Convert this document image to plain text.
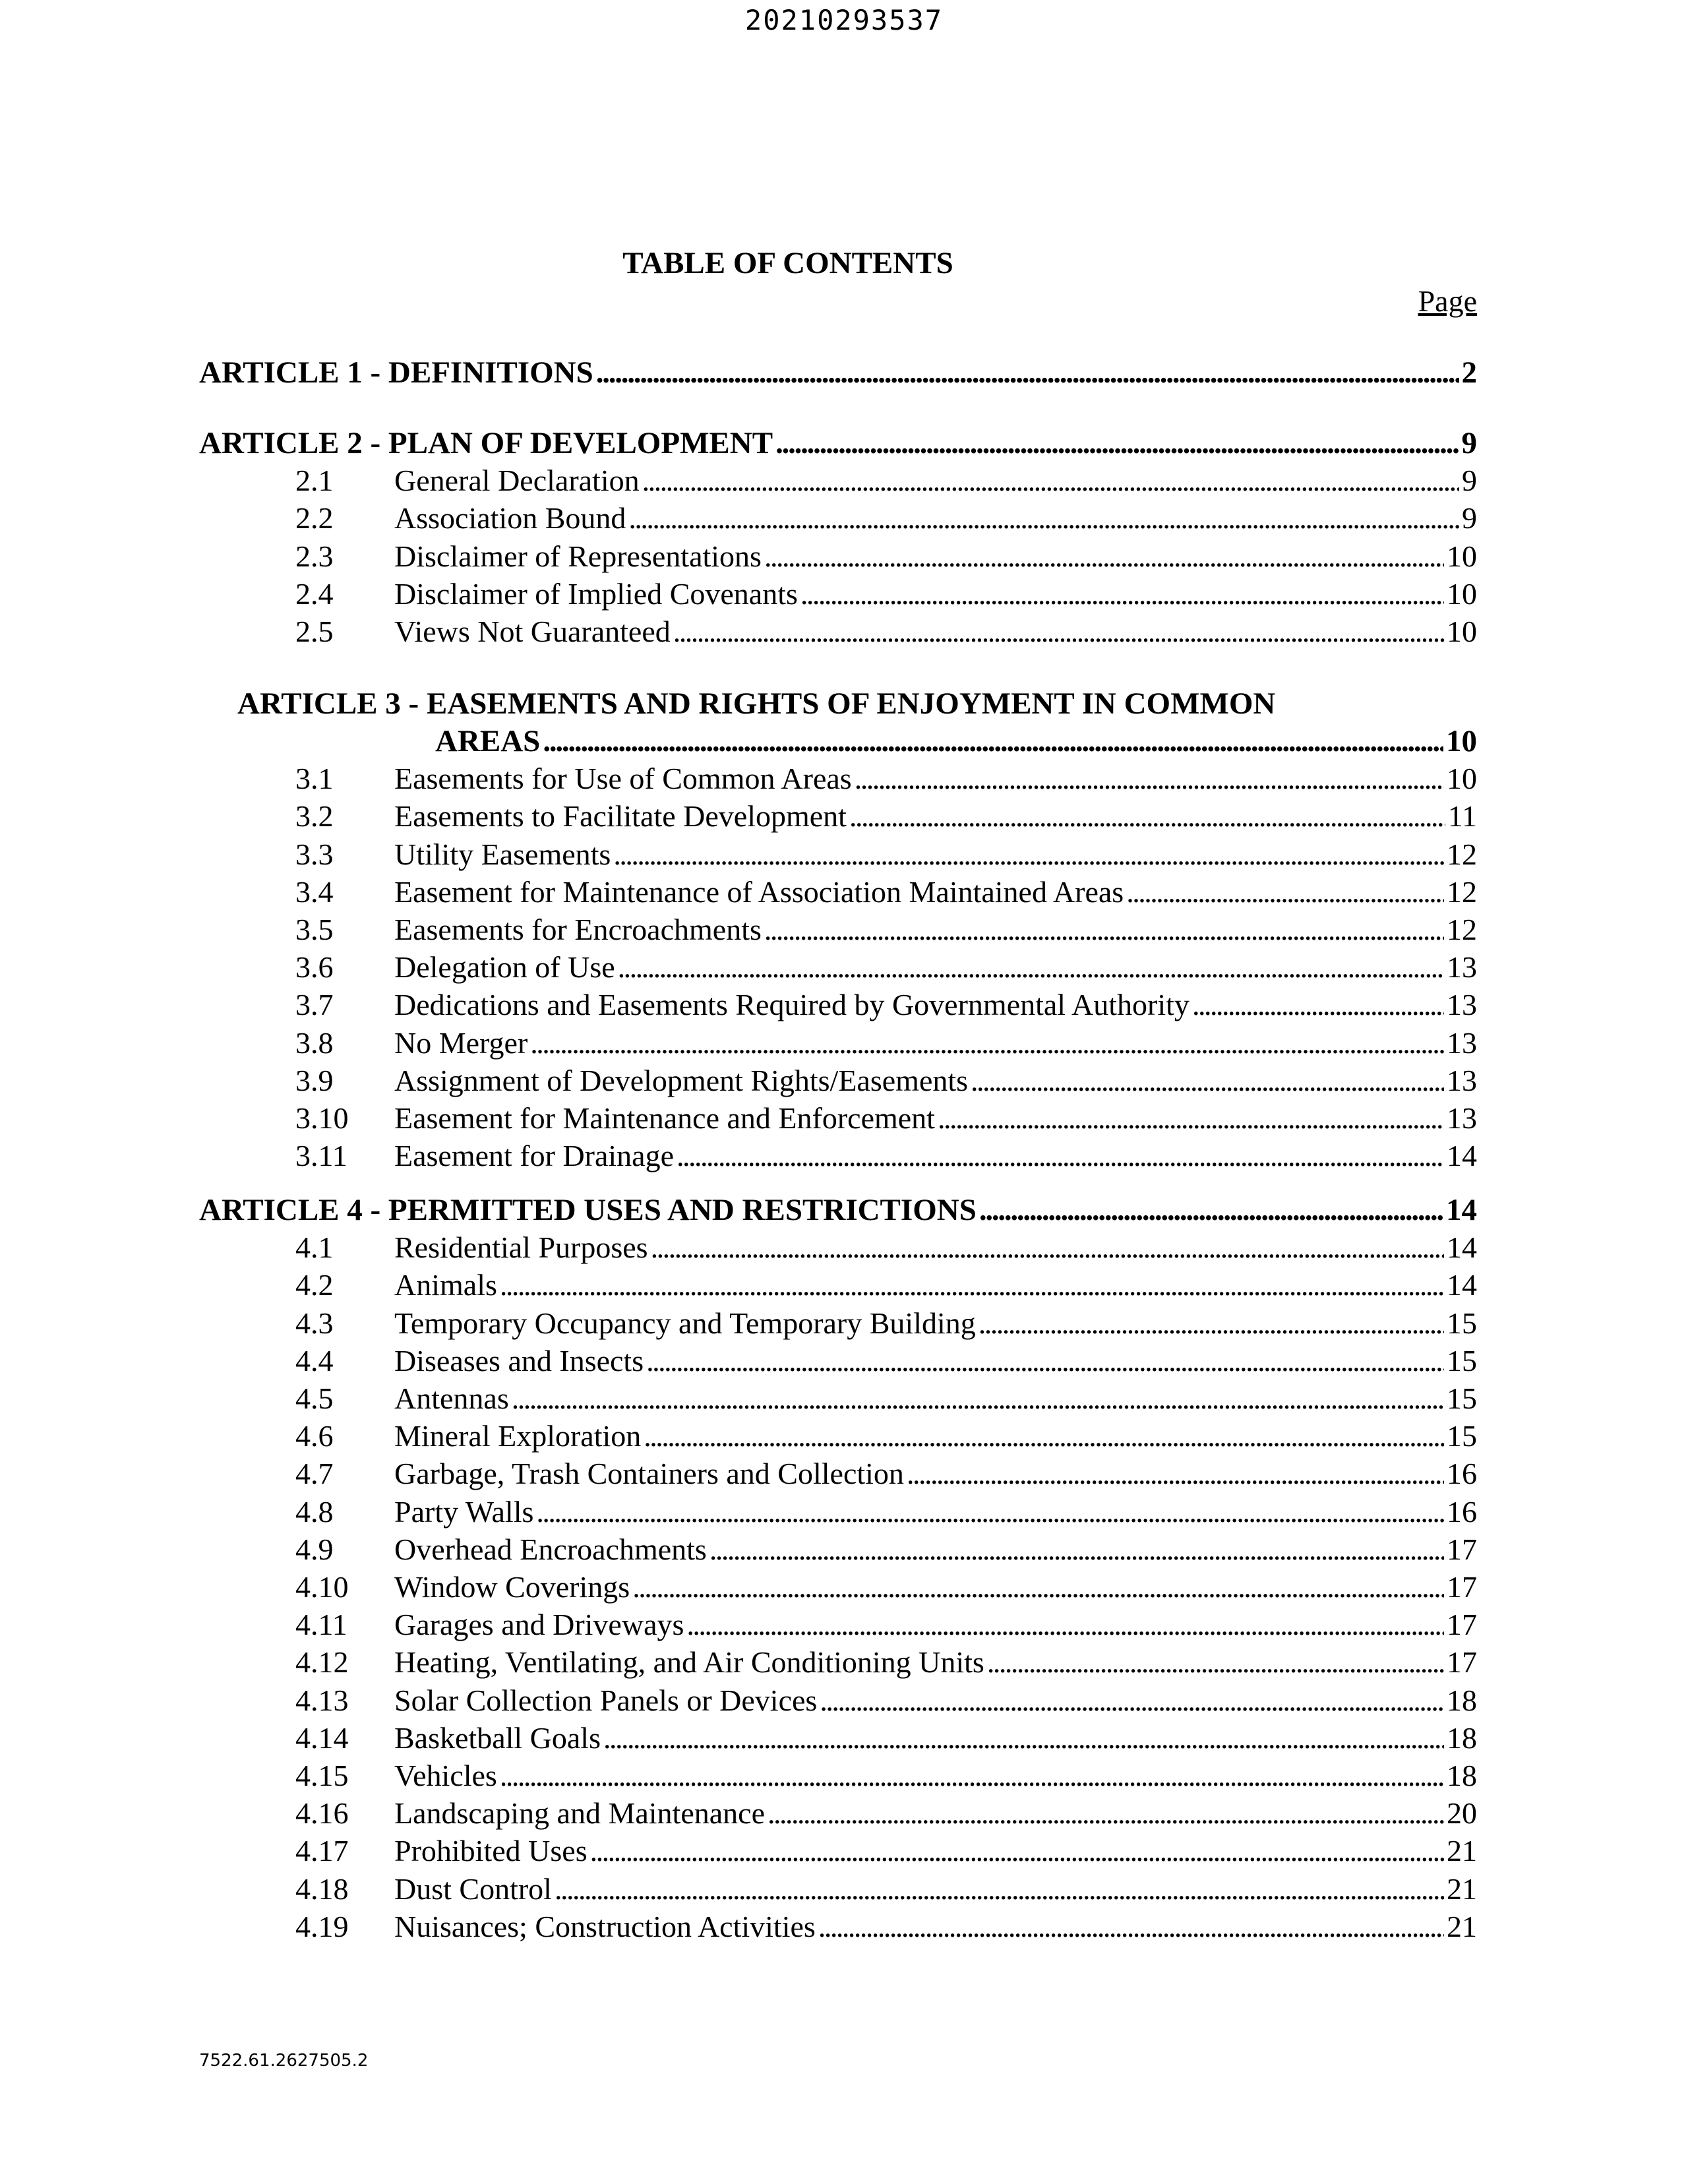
20210293537
TABLE OF CONTENTS
Page
ARTICLE 1 - DEFINITIONS . . .	2
ARTICLE 2 - PLAN OF DEVELOPMENT . . .	9
2.1	General Declaration . . .	9
2.2	Association Bound . . .	9
2.3	Disclaimer of Representations . . .	10
2.4	Disclaimer of Implied Covenants . . .	10
2.5	Views Not Guaranteed . . .	10
ARTICLE 3 - EASEMENTS AND RIGHTS OF ENJOYMENT IN COMMON
AREAS . . .	10
3.1	Easements for Use of Common Areas . . .	10
3.2	Easements to Facilitate Development . . .	11
3.3	Utility Easements . . .	12
3.4	Easement for Maintenance of Association Maintained Areas . . .	12
3.5	Easements for Encroachments . . .	12
3.6	Delegation of Use . . .	13
3.7	Dedications and Easements Required by Governmental Authority . . .	13
3.8	No Merger . . .	13
3.9	Assignment of Development Rights/Easements . . .	13
3.10	Easement for Maintenance and Enforcement . . .	13
3.11	Easement for Drainage . . .	14
ARTICLE 4 - PERMITTED USES AND RESTRICTIONS . . .	14
4.1	Residential Purposes . . .	14
4.2	Animals . . .	14
4.3	Temporary Occupancy and Temporary Building . . .	15
4.4	Diseases and Insects . . .	15
4.5	Antennas . . .	15
4.6	Mineral Exploration . . .	15
4.7	Garbage, Trash Containers and Collection . . .	16
4.8	Party Walls . . .	16
4.9	Overhead Encroachments . . .	17
4.10	Window Coverings . . .	17
4.11	Garages and Driveways . . .	17
4.12	Heating, Ventilating, and Air Conditioning Units . . .	17
4.13	Solar Collection Panels or Devices . . .	18
4.14	Basketball Goals . . .	18
4.15	Vehicles . . .	18
4.16	Landscaping and Maintenance . . .	20
4.17	Prohibited Uses . . .	21
4.18	Dust Control . . .	21
4.19	Nuisances; Construction Activities . . .	21
7522.61.2627505.2
